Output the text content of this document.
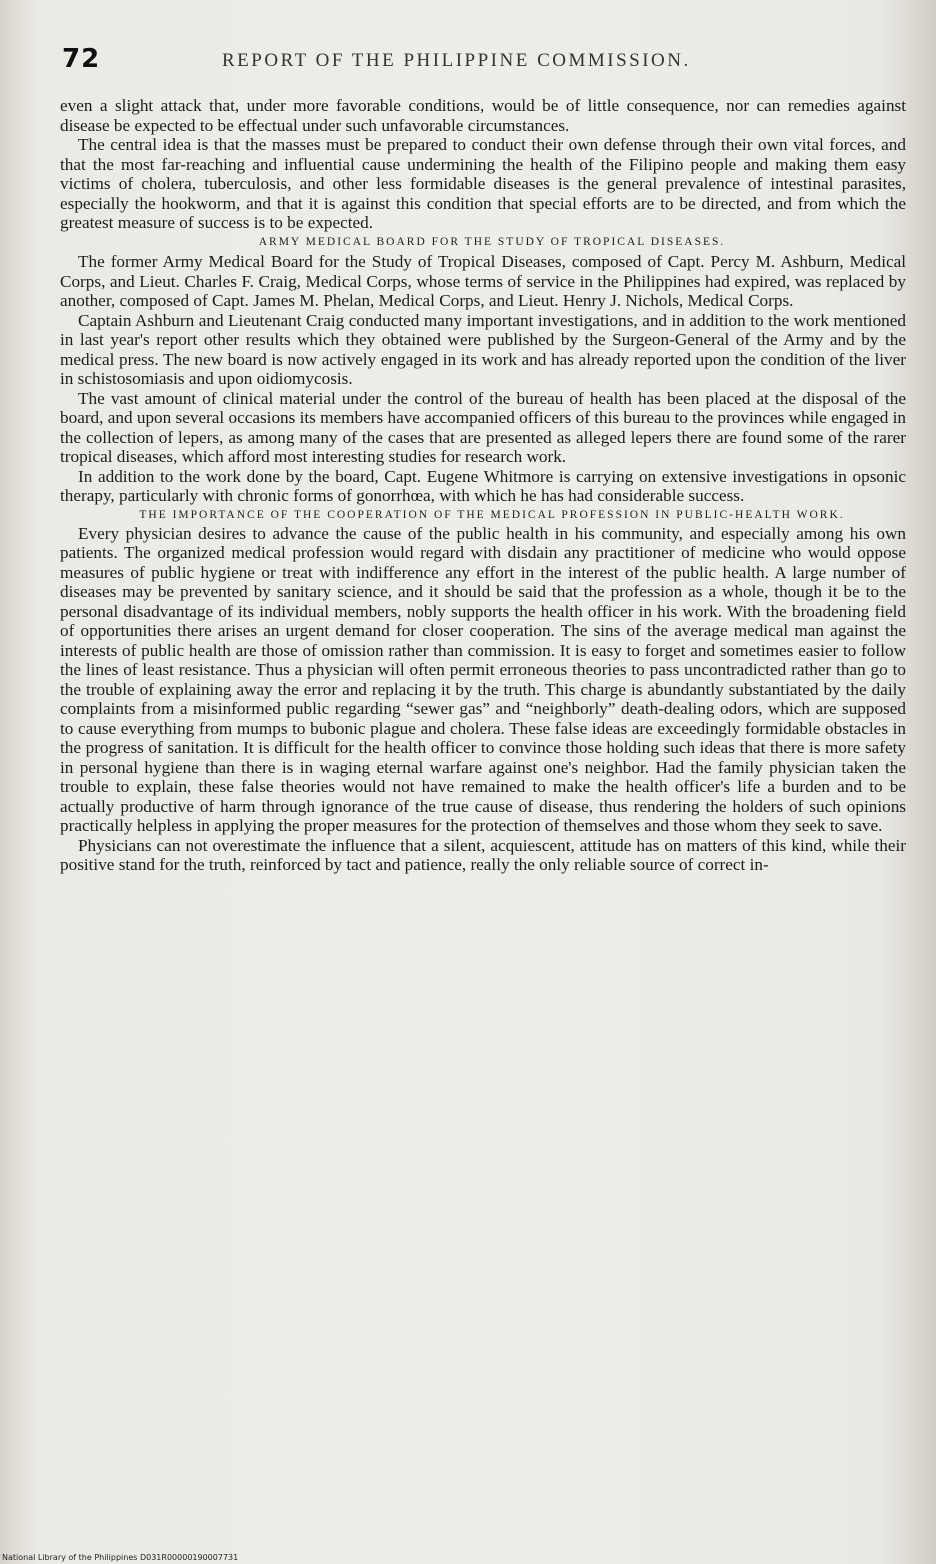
72	REPORT OF THE PHILIPPINE COMMISSION.

even a slight attack that, under more favorable conditions, would be of little consequence, nor can remedies against disease be expected to be effectual under such unfavorable circumstances.

The central idea is that the masses must be prepared to conduct their own defense through their own vital forces, and that the most far-reaching and influential cause undermining the health of the Filipino people and making them easy victims of cholera, tuberculosis, and other less formidable diseases is the general prevalence of intestinal parasites, especially the hookworm, and that it is against this condition that special efforts are to be directed, and from which the greatest measure of success is to be expected.

ARMY MEDICAL BOARD FOR THE STUDY OF TROPICAL DISEASES.

The former Army Medical Board for the Study of Tropical Diseases, composed of Capt. Percy M. Ashburn, Medical Corps, and Lieut. Charles F. Craig, Medical Corps, whose terms of service in the Philippines had expired, was replaced by another, composed of Capt. James M. Phelan, Medical Corps, and Lieut. Henry J. Nichols, Medical Corps.

Captain Ashburn and Lieutenant Craig conducted many important investigations, and in addition to the work mentioned in last year's report other results which they obtained were published by the Surgeon-General of the Army and by the medical press. The new board is now actively engaged in its work and has already reported upon the condition of the liver in schistosomiasis and upon oidiomycosis.

The vast amount of clinical material under the control of the bureau of health has been placed at the disposal of the board, and upon several occasions its members have accompanied officers of this bureau to the provinces while engaged in the collection of lepers, as among many of the cases that are presented as alleged lepers there are found some of the rarer tropical diseases, which afford most interesting studies for research work.

In addition to the work done by the board, Capt. Eugene Whitmore is carrying on extensive investigations in opsonic therapy, particularly with chronic forms of gonorrhœa, with which he has had considerable success.

THE IMPORTANCE OF THE COOPERATION OF THE MEDICAL PROFESSION IN PUBLIC-HEALTH WORK.

Every physician desires to advance the cause of the public health in his community, and especially among his own patients. The organized medical profession would regard with disdain any practitioner of medicine who would oppose measures of public hygiene or treat with indifference any effort in the interest of the public health. A large number of diseases may be prevented by sanitary science, and it should be said that the profession as a whole, though it be to the personal disadvantage of its individual members, nobly supports the health officer in his work. With the broadening field of opportunities there arises an urgent demand for closer cooperation. The sins of the average medical man against the interests of public health are those of omission rather than commission. It is easy to forget and sometimes easier to follow the lines of least resistance. Thus a physician will often permit erroneous theories to pass uncontradicted rather than go to the trouble of explaining away the error and replacing it by the truth. This charge is abundantly substantiated by the daily complaints from a misinformed public regarding “sewer gas” and “neighborly” death-dealing odors, which are supposed to cause everything from mumps to bubonic plague and cholera. These false ideas are exceedingly formidable obstacles in the progress of sanitation. It is difficult for the health officer to convince those holding such ideas that there is more safety in personal hygiene than there is in waging eternal warfare against one's neighbor. Had the family physician taken the trouble to explain, these false theories would not have remained to make the health officer's life a burden and to be actually productive of harm through ignorance of the true cause of disease, thus rendering the holders of such opinions practically helpless in applying the proper measures for the protection of themselves and those whom they seek to save.

Physicians can not overestimate the influence that a silent, acquiescent, attitude has on matters of this kind, while their positive stand for the truth, reinforced by tact and patience, really the only reliable source of correct in-

National Library of the Philippines D031R00000190007731
